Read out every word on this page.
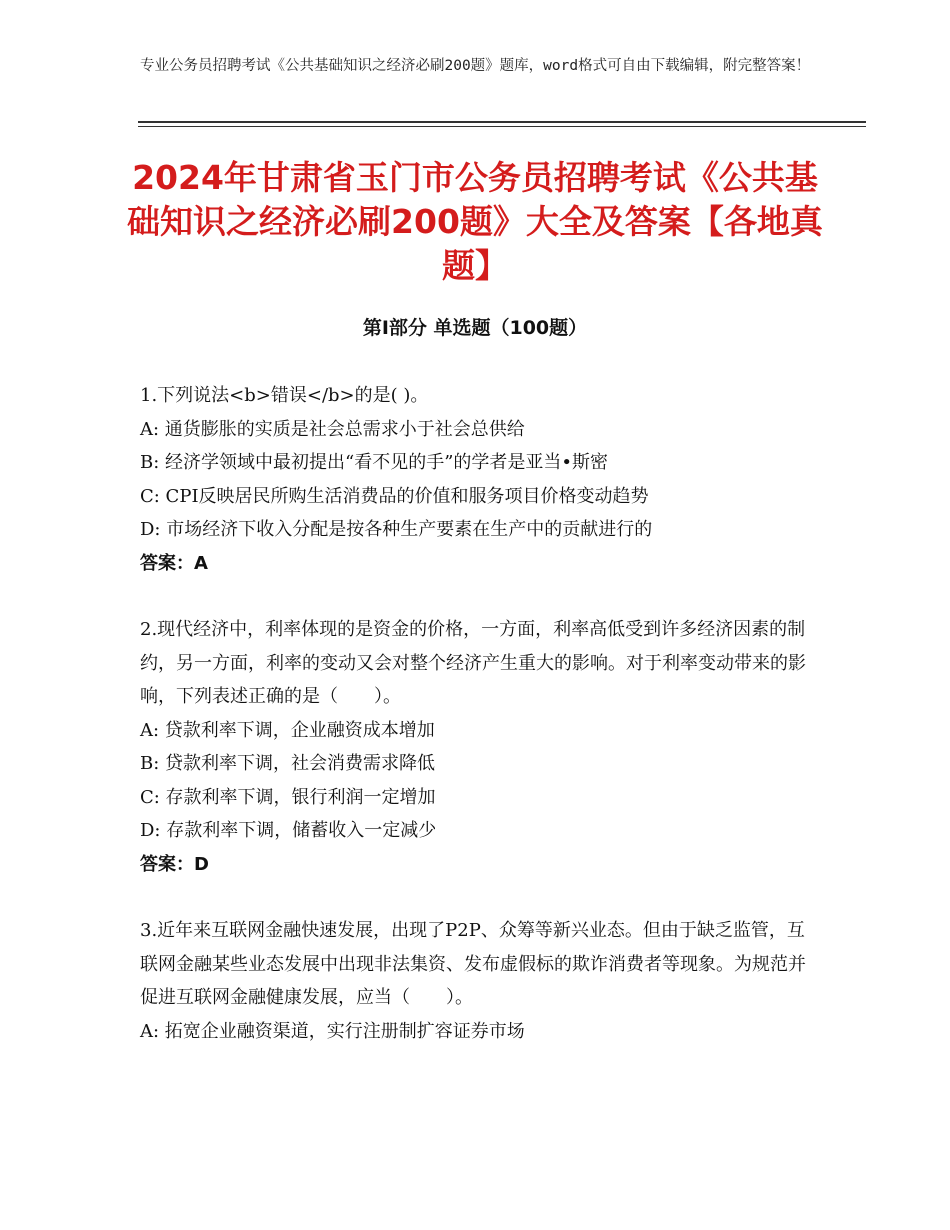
专业公务员招聘考试《公共基础知识之经济必刷200题》题库，word格式可自由下载编辑，附完整答案！
2024年甘肃省玉门市公务员招聘考试《公共基础知识之经济必刷200题》大全及答案【各地真题】
第I部分 单选题（100题）
1.下列说法<b>错误</b>的是( )。
A: 通货膨胀的实质是社会总需求小于社会总供给
B: 经济学领域中最初提出“看不见的手”的学者是亚当•斯密
C: CPI反映居民所购生活消费品的价值和服务项目价格变动趋势
D: 市场经济下收入分配是按各种生产要素在生产中的贡献进行的
答案：A
2.现代经济中，利率体现的是资金的价格，一方面，利率高低受到许多经济因素的制约，另一方面，利率的变动又会对整个经济产生重大的影响。对于利率变动带来的影响，下列表述正确的是（　　）。
A: 贷款利率下调，企业融资成本增加
B: 贷款利率下调，社会消费需求降低
C: 存款利率下调，银行利润一定增加
D: 存款利率下调，储蓄收入一定减少
答案：D
3.近年来互联网金融快速发展，出现了P2P、众筹等新兴业态。但由于缺乏监管，互联网金融某些业态发展中出现非法集资、发布虚假标的欺诈消费者等现象。为规范并促进互联网金融健康发展，应当（　　）。
A: 拓宽企业融资渠道，实行注册制扩容证券市场
